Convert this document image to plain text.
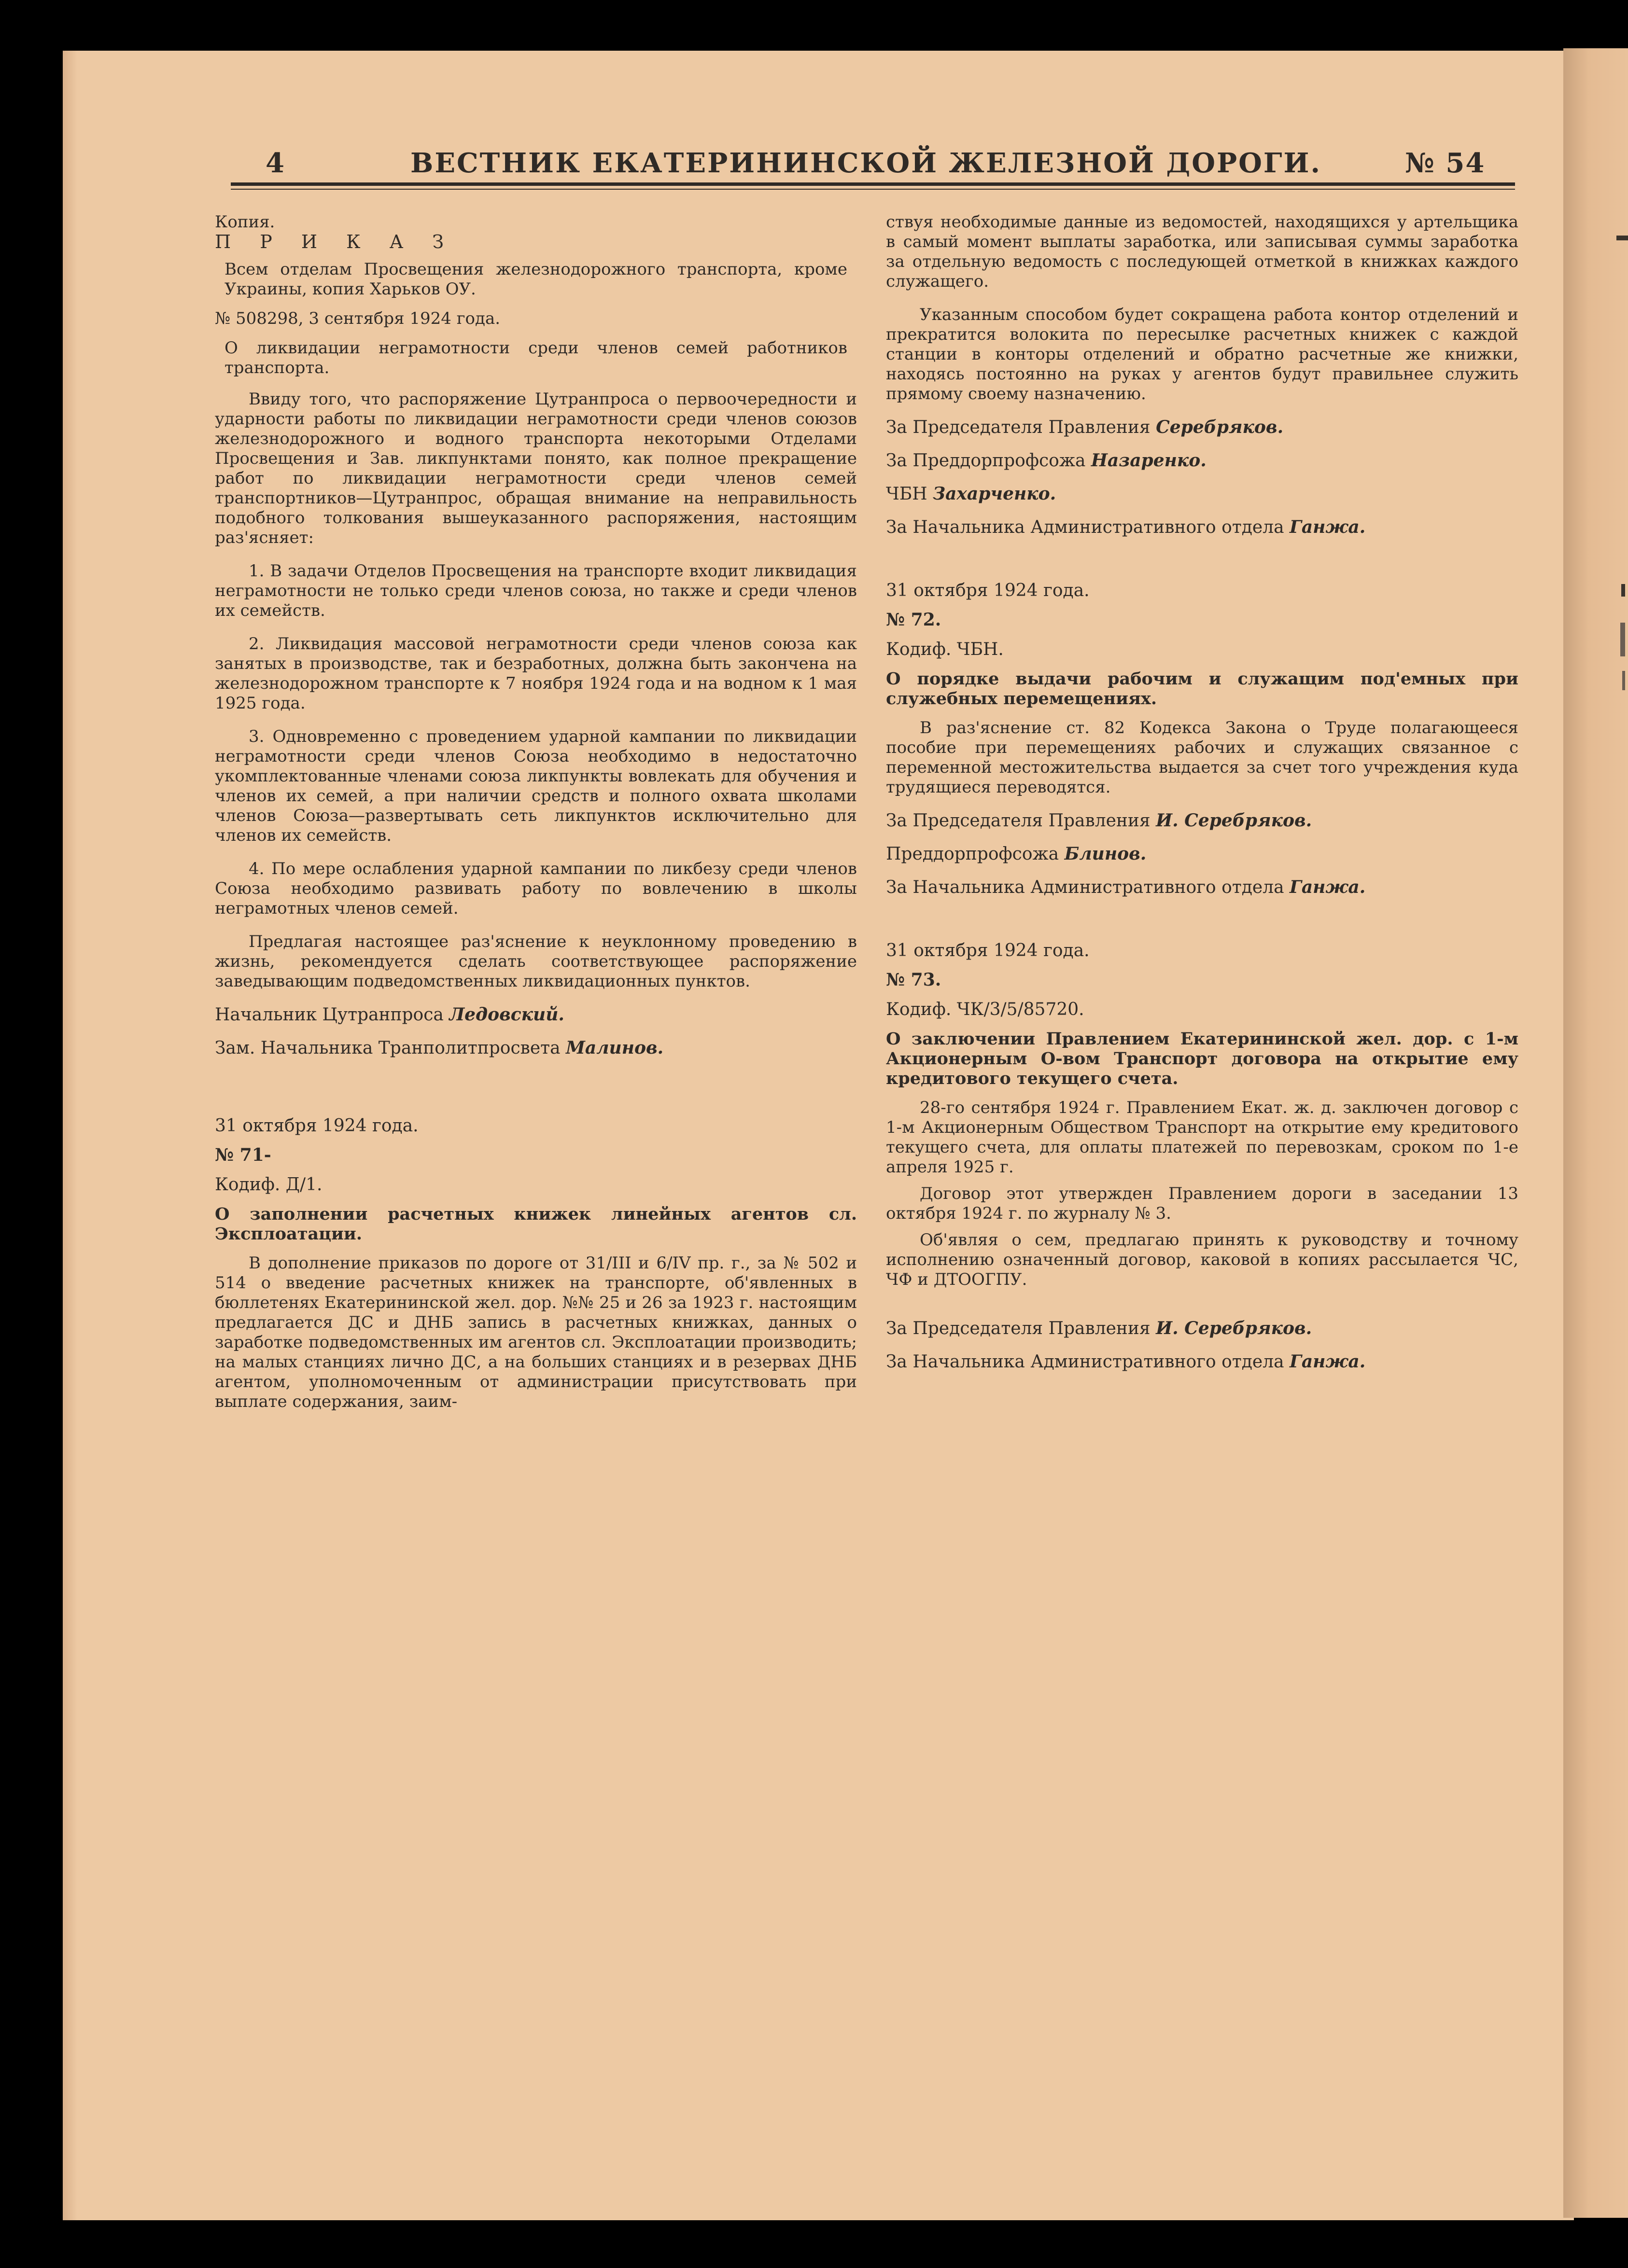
4	ВЕСТНИК ЕКАТЕРИНИНСКОЙ ЖЕЛЕЗНОЙ ДОРОГИ.	№ 54

Копия.

П Р И К А З

Всем отделам Просвещения железнодорожного транспорта, кроме Украины, копия Харьков ОУ.

№ 508298, 3 сентября 1924 года.

О ликвидации неграмотности среди членов семей работников транспорта.

Ввиду того, что распоряжение Цутранпроса о первоочередности и ударности работы по ликвидации неграмотности среди членов союзов железнодорожного и водного транспорта некоторыми Отделами Просвещения и Зав. ликпунктами понято, как полное прекращение работ по ликвидации неграмотности среди членов семей транспортников—Цутранпрос, обращая внимание на неправильность подобного толкования вышеуказанного распоряжения, настоящим раз'ясняет:

1. В задачи Отделов Просвещения на транспорте входит ликвидация неграмотности не только среди членов союза, но также и среди членов их семейств.

2. Ликвидация массовой неграмотности среди членов союза как занятых в производстве, так и безработных, должна быть закончена на железнодорожном транспорте к 7 ноября 1924 года и на водном к 1 мая 1925 года.

3. Одновременно с проведением ударной кампании по ликвидации неграмотности среди членов Союза необходимо в недостаточно укомплектованные членами союза ликпункты вовлекать для обучения и членов их семей, а при наличии средств и полного охвата школами членов Союза—развертывать сеть ликпунктов исключительно для членов их семейств.

4. По мере ослабления ударной кампании по ликбезу среди членов Союза необходимо развивать работу по вовлечению в школы неграмотных членов семей.

Предлагая настоящее раз'яснение к неуклонному проведению в жизнь, рекомендуется сделать соответствующее распоряжение заведывающим подведомственных ликвидационных пунктов.

Начальник Цутранпроса Ледовский.

Зам. Начальника Транполитпросвета Малинов.

31 октября 1924 года.

№ 71-

Кодиф. Д/1.

О заполнении расчетных книжек линейных агентов сл. Эксплоатации.

В дополнение приказов по дороге от 31/III и 6/IV пр. г., за № 502 и 514 о введение расчетных книжек на транспорте, об'явленных в бюллетенях Екатерининской жел. дор. №№ 25 и 26 за 1923 г. настоящим предлагается ДС и ДНБ запись в расчетных книжках, данных о заработке подведомственных им агентов сл. Эксплоатации производить; на малых станциях лично ДС, а на больших станциях и в резервах ДНБ агентом, уполномоченным от администрации присутствовать при выплате содержания, заим-

ствуя необходимые данные из ведомостей, находящихся у артельщика в самый момент выплаты заработка, или записывая суммы заработка за отдельную ведомость с последующей отметкой в книжках каждого служащего.

Указанным способом будет сокращена работа контор отделений и прекратится волокита по пересылке расчетных книжек с каждой станции в конторы отделений и обратно расчетные же книжки, находясь постоянно на руках у агентов будут правильнее служить прямому своему назначению.

За Председателя Правления Серебряков.

За Преддорпрофсожа Назаренко.

ЧБН Захарченко.

За Начальника Административного отдела Ганжа.

31 октября 1924 года.

№ 72.

Кодиф. ЧБН.

О порядке выдачи рабочим и служащим под'емных при служебных перемещениях.

В раз'яснение ст. 82 Кодекса Закона о Труде полагающееся пособие при перемещениях рабочих и служащих связанное с переменной местожительства выдается за счет того учреждения куда трудящиеся переводятся.

За Председателя Правления И. Серебряков.

Преддорпрофсожа Блинов.

За Начальника Административного отдела Ганжа.

31 октября 1924 года.

№ 73.

Кодиф. ЧК/3/5/85720.

О заключении Правлением Екатерининской жел. дор. с 1-м Акционерным О-вом Транспорт договора на открытие ему кредитового текущего счета.

28-го сентября 1924 г. Правлением Екат. ж. д. заключен договор с 1-м Акционерным Обществом Транспорт на открытие ему кредитового текущего счета, для оплаты платежей по перевозкам, сроком по 1-е апреля 1925 г.

Договор этот утвержден Правлением дороги в заседании 13 октября 1924 г. по журналу № 3.

Об'являя о сем, предлагаю принять к руководству и точному исполнению означенный договор, каковой в копиях рассылается ЧС, ЧФ и ДТООГПУ.

За Председателя Правления И. Серебряков.

За Начальника Административного отдела Ганжа.
